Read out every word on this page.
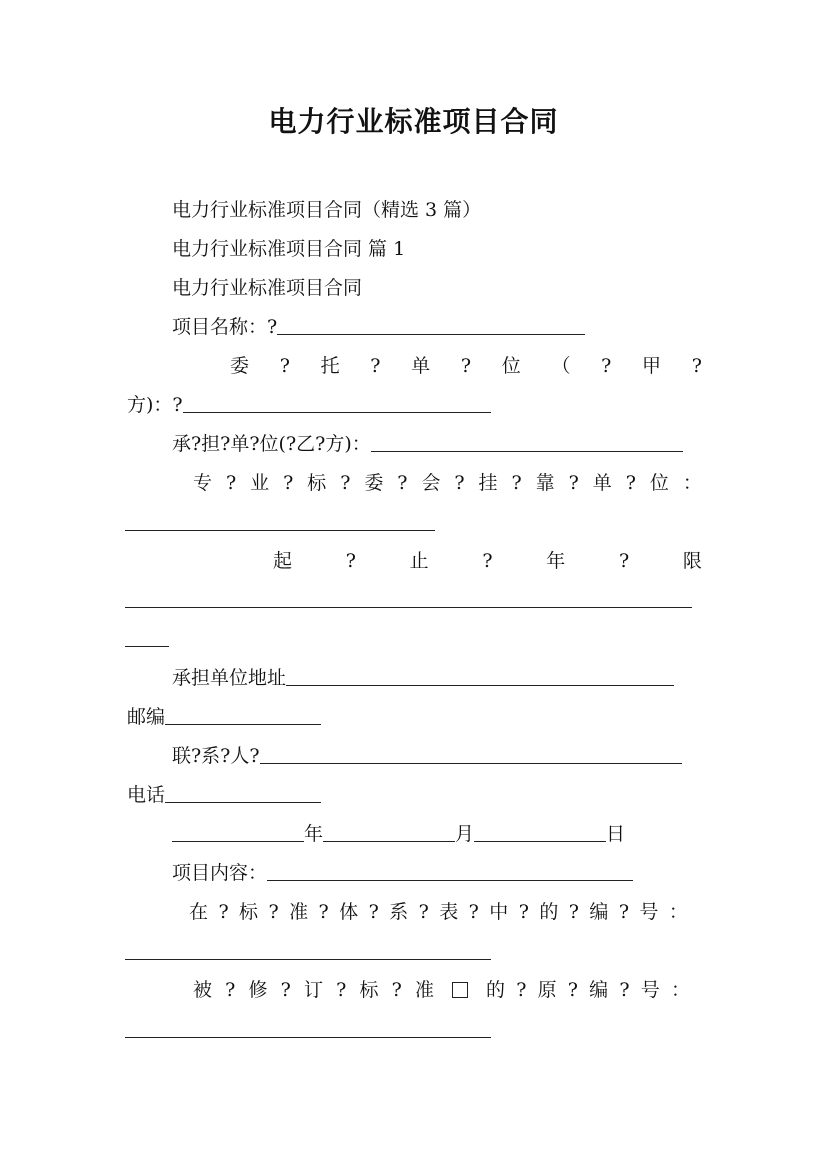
电力行业标准项目合同
电力行业标准项目合同（精选 3 篇）
电力行业标准项目合同 篇 1
电力行业标准项目合同
项目名称：?
委 ? 托 ? 单 ? 位 （ ? 甲 ?
方)：?
承?担?单?位(?乙?方)：
专 ? 业 ? 标 ? 委 ? 会 ? 挂 ? 靠 ? 单 ? 位 ：
起	?	止	?	年	?	限
承担单位地址
邮编
联?系?人?
电话
年	月	日
项目内容：
在 ? 标 ? 准 ? 体 ? 系 ? 表 ? 中 ? 的 ? 编 ? 号 ：
被 ? 修 ? 订 ? 标 ? 准	的 ? 原 ? 编 ? 号 ：
